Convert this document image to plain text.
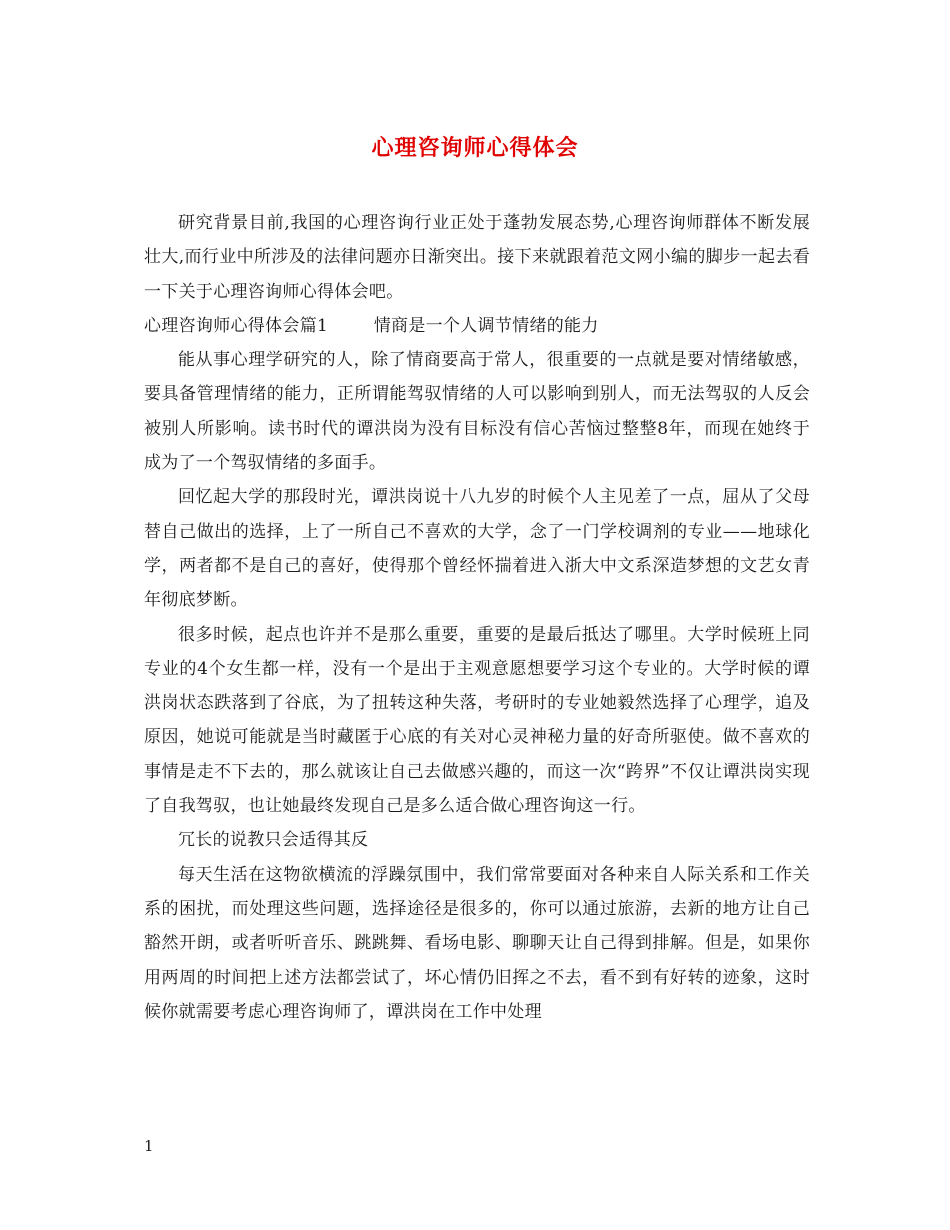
心理咨询师心得体会

研究背景目前,我国的心理咨询行业正处于蓬勃发展态势,心理咨询师群体不断发展壮大,而行业中所涉及的法律问题亦日渐突出。接下来就跟着范文网小编的脚步一起去看一下关于心理咨询师心得体会吧。

心理咨询师心得体会篇1        情商是一个人调节情绪的能力

能从事心理学研究的人，除了情商要高于常人，很重要的一点就是要对情绪敏感，要具备管理情绪的能力，正所谓能驾驭情绪的人可以影响到别人，而无法驾驭的人反会被别人所影响。读书时代的谭洪岗为没有目标没有信心苦恼过整整8年，而现在她终于成为了一个驾驭情绪的多面手。

回忆起大学的那段时光，谭洪岗说十八九岁的时候个人主见差了一点，屈从了父母替自己做出的选择，上了一所自己不喜欢的大学，念了一门学校调剂的专业——地球化学，两者都不是自己的喜好，使得那个曾经怀揣着进入浙大中文系深造梦想的文艺女青年彻底梦断。

很多时候，起点也许并不是那么重要，重要的是最后抵达了哪里。大学时候班上同专业的4个女生都一样，没有一个是出于主观意愿想要学习这个专业的。大学时候的谭洪岗状态跌落到了谷底，为了扭转这种失落，考研时的专业她毅然选择了心理学，追及原因，她说可能就是当时藏匿于心底的有关对心灵神秘力量的好奇所驱使。做不喜欢的事情是走不下去的，那么就该让自己去做感兴趣的，而这一次“跨界”不仅让谭洪岗实现了自我驾驭，也让她最终发现自己是多么适合做心理咨询这一行。

冗长的说教只会适得其反

每天生活在这物欲横流的浮躁氛围中，我们常常要面对各种来自人际关系和工作关系的困扰，而处理这些问题，选择途径是很多的，你可以通过旅游，去新的地方让自己豁然开朗，或者听听音乐、跳跳舞、看场电影、聊聊天让自己得到排解。但是，如果你用两周的时间把上述方法都尝试了，坏心情仍旧挥之不去，看不到有好转的迹象，这时候你就需要考虑心理咨询师了，谭洪岗在工作中处理

1
